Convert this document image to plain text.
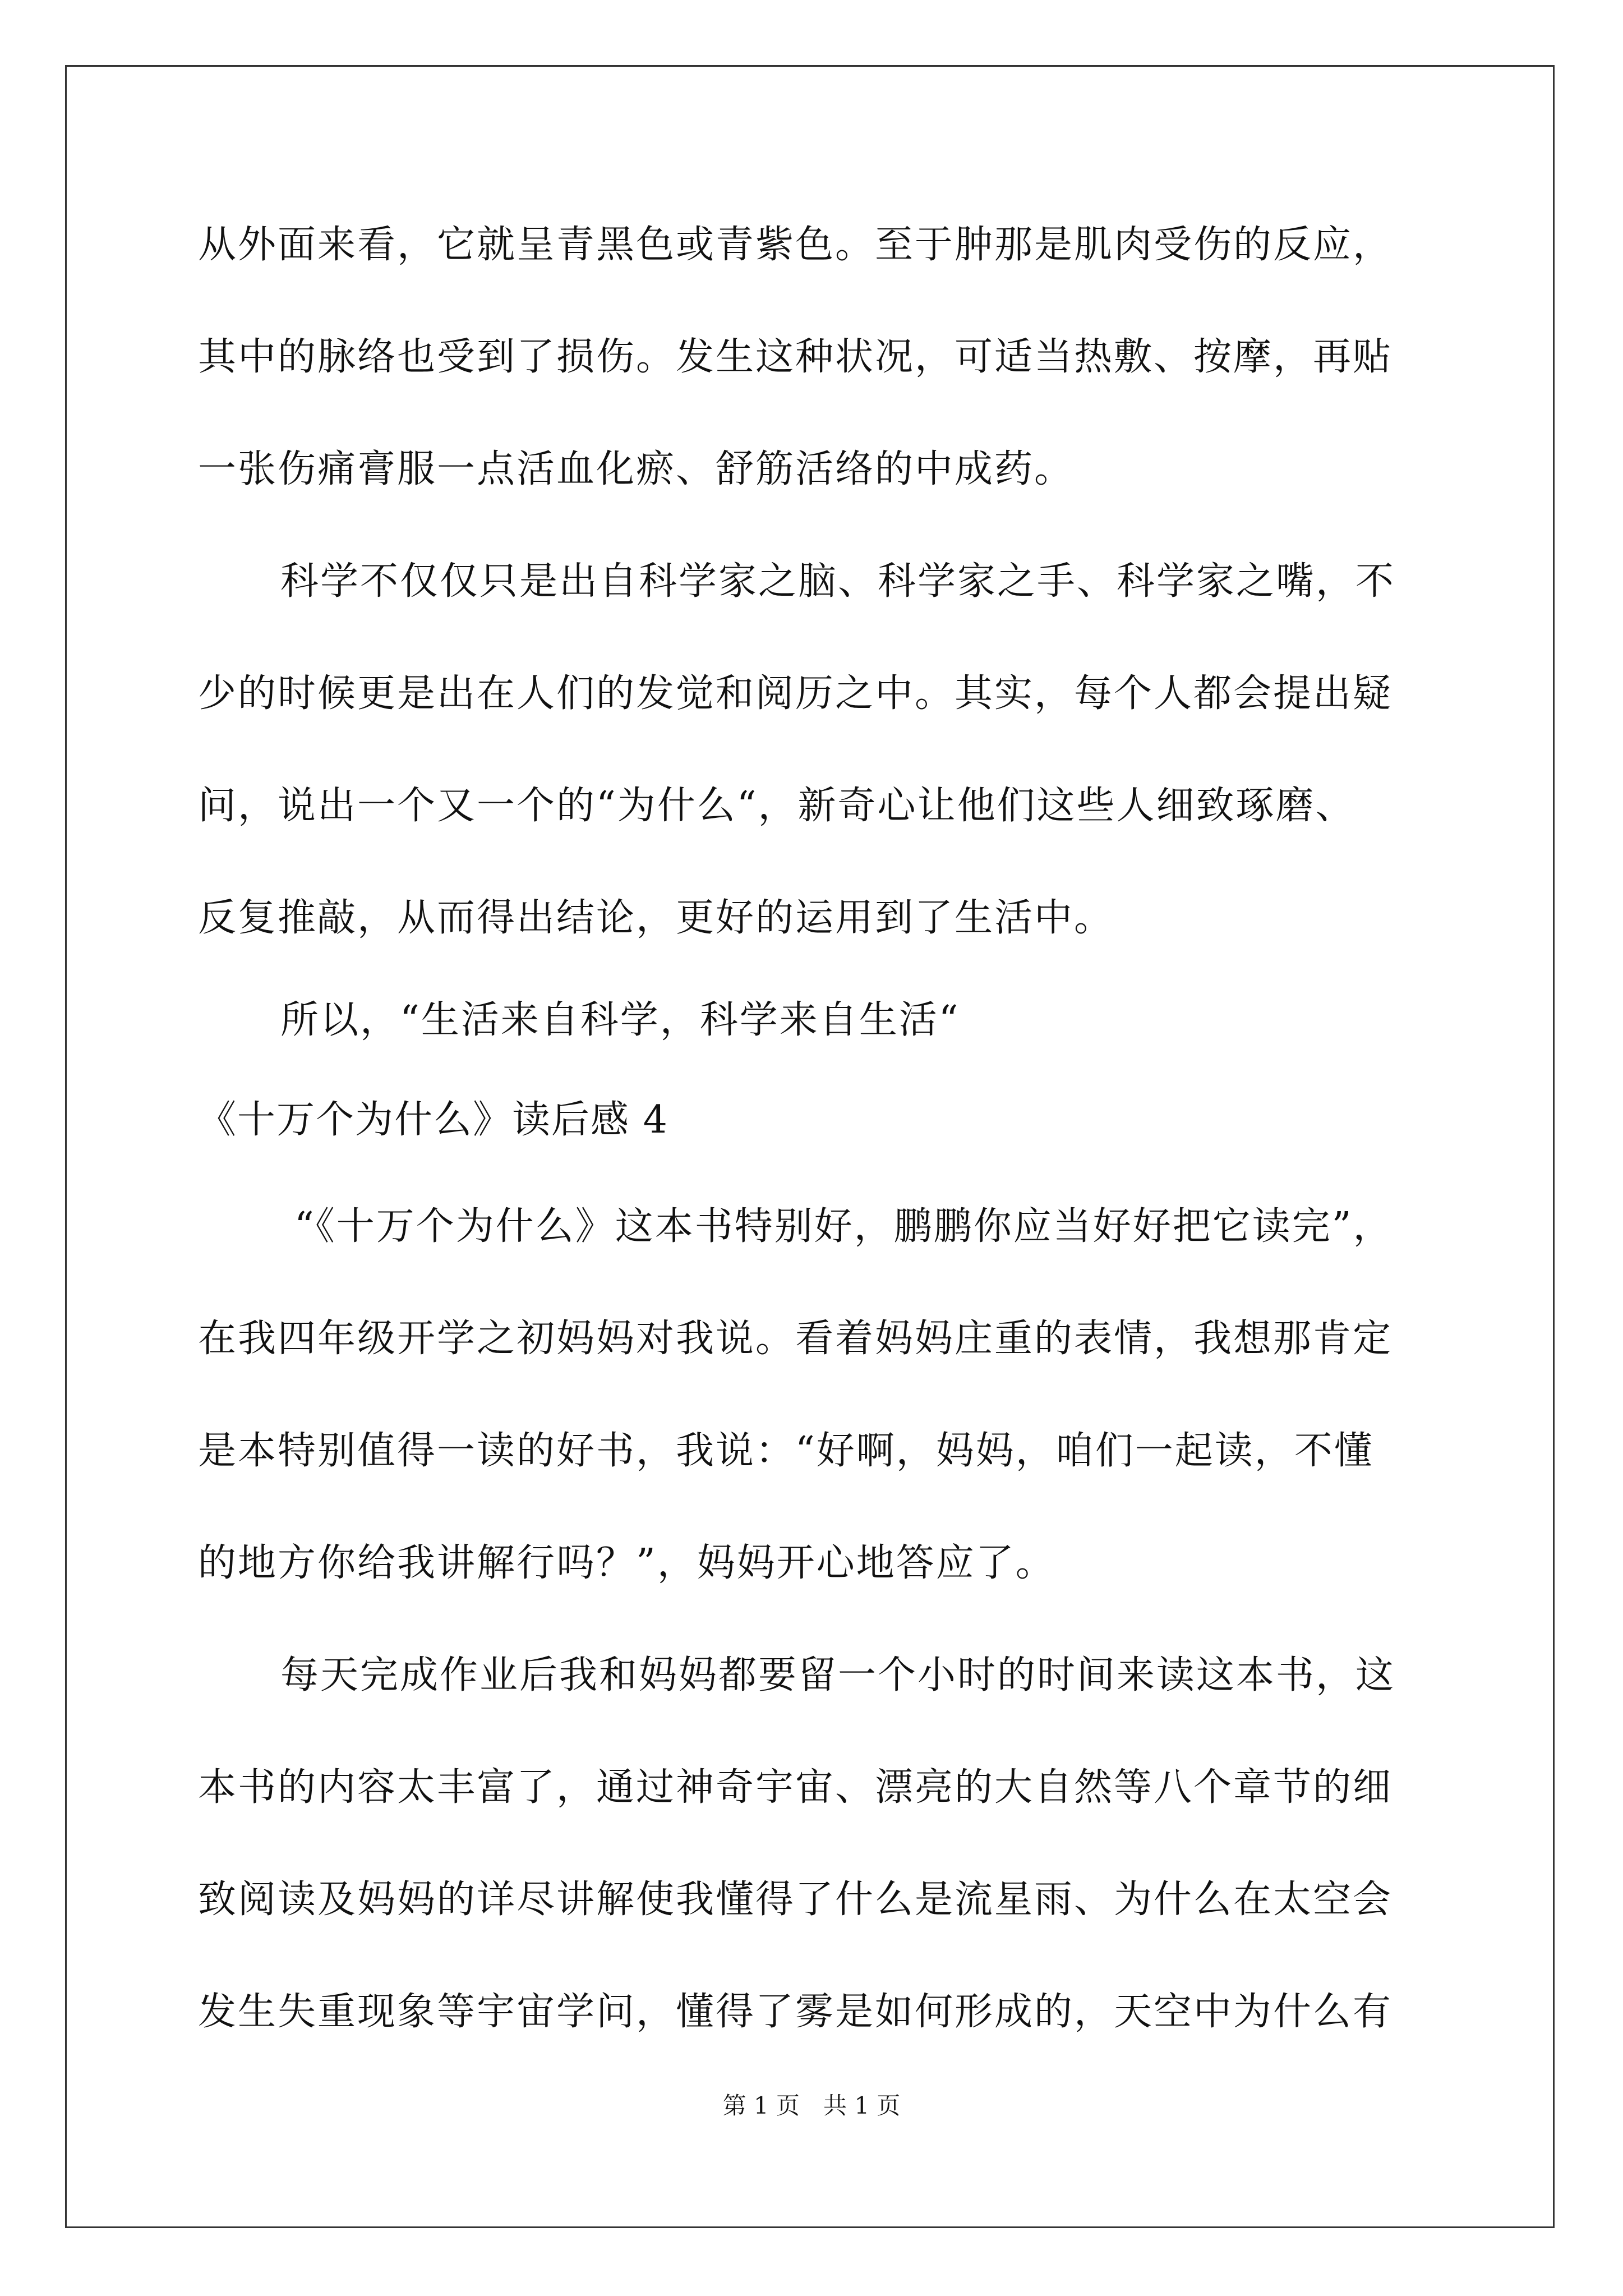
从外面来看，它就呈青黑色或青紫色。至于肿那是肌肉受伤的反应，
其中的脉络也受到了损伤。发生这种状况，可适当热敷、按摩，再贴
一张伤痛膏服一点活血化瘀、舒筋活络的中成药。
科学不仅仅只是出自科学家之脑、科学家之手、科学家之嘴，不
少的时候更是出在人们的发觉和阅历之中。其实，每个人都会提出疑
问，说出一个又一个的“为什么“，新奇心让他们这些人细致琢磨、
反复推敲，从而得出结论，更好的运用到了生活中。
所以，“生活来自科学，科学来自生活“
《十万个为什么》读后感 4
“《十万个为什么》这本书特别好，鹏鹏你应当好好把它读完”，
在我四年级开学之初妈妈对我说。看着妈妈庄重的表情，我想那肯定
是本特别值得一读的好书，我说：“好啊，妈妈，咱们一起读，不懂
的地方你给我讲解行吗？”，妈妈开心地答应了。
每天完成作业后我和妈妈都要留一个小时的时间来读这本书，这
本书的内容太丰富了，通过神奇宇宙、漂亮的大自然等八个章节的细
致阅读及妈妈的详尽讲解使我懂得了什么是流星雨、为什么在太空会
发生失重现象等宇宙学问，懂得了雾是如何形成的，天空中为什么有
第 1 页　共 1 页
